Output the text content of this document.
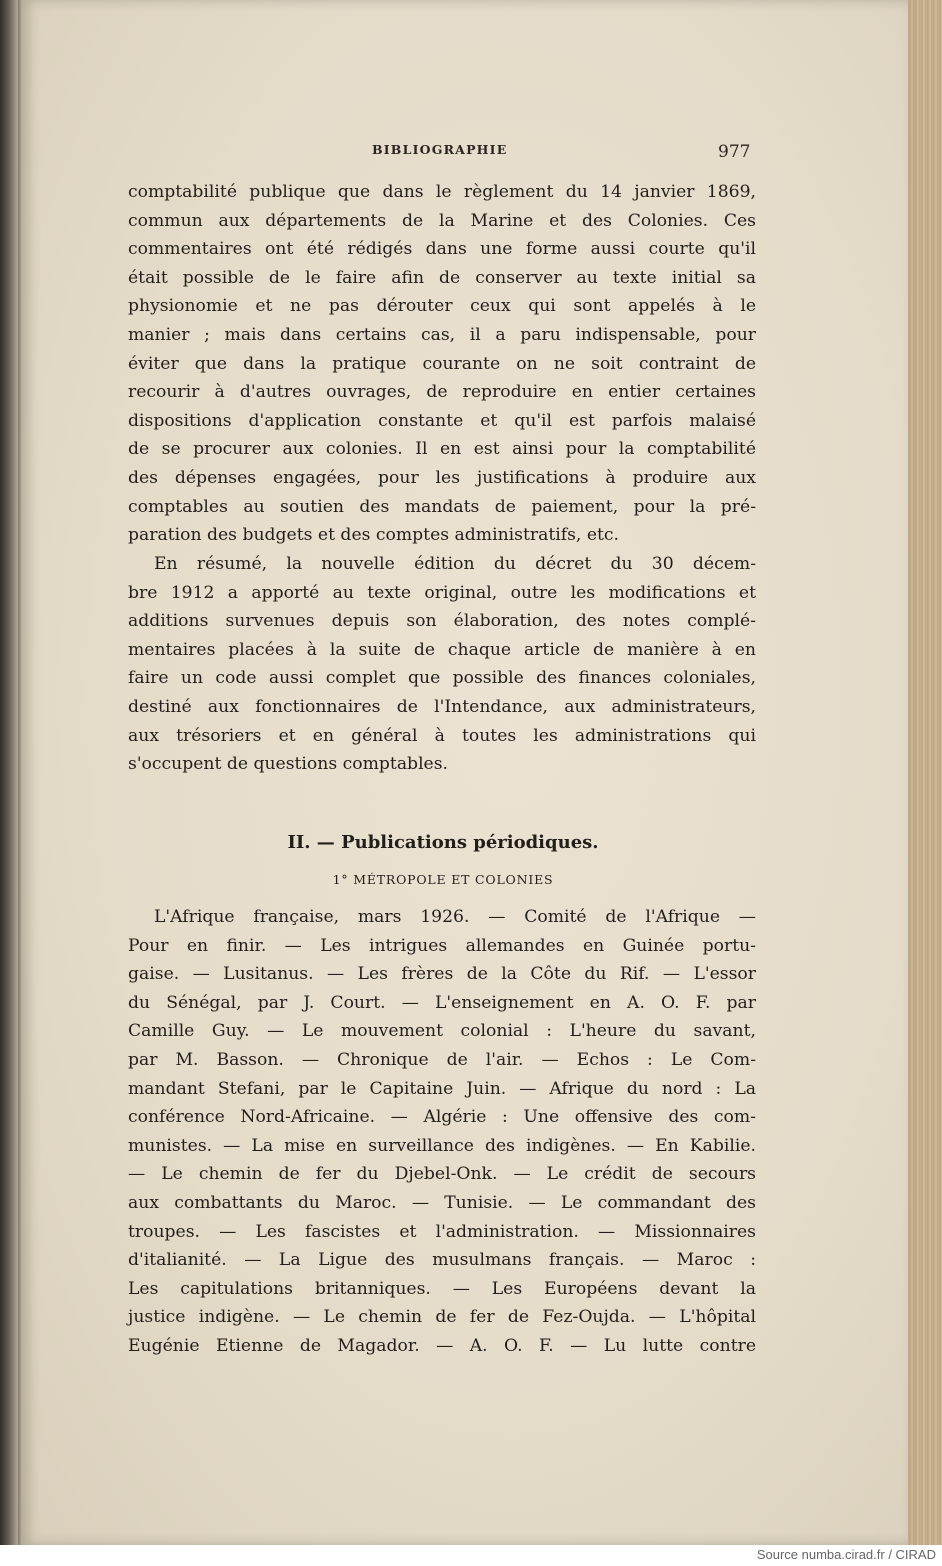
BIBLIOGRAPHIE	977
comptabilité publique que dans le règlement du 14 janvier 1869,
commun aux départements de la Marine et des Colonies. Ces
commentaires ont été rédigés dans une forme aussi courte qu'il
était possible de le faire afin de conserver au texte initial sa
physionomie et ne pas dérouter ceux qui sont appelés à le
manier ; mais dans certains cas, il a paru indispensable, pour
éviter que dans la pratique courante on ne soit contraint de
recourir à d'autres ouvrages, de reproduire en entier certaines
dispositions d'application constante et qu'il est parfois malaisé
de se procurer aux colonies. Il en est ainsi pour la comptabilité
des dépenses engagées, pour les justifications à produire aux
comptables au soutien des mandats de paiement, pour la pré-
paration des budgets et des comptes administratifs, etc.
En résumé, la nouvelle édition du décret du 30 décem-
bre 1912 a apporté au texte original, outre les modifications et
additions survenues depuis son élaboration, des notes complé-
mentaires placées à la suite de chaque article de manière à en
faire un code aussi complet que possible des finances coloniales,
destiné aux fonctionnaires de l'Intendance, aux administrateurs,
aux trésoriers et en général à toutes les administrations qui
s'occupent de questions comptables.
II. — Publications périodiques.
1° MÉTROPOLE ET COLONIES
L'Afrique française, mars 1926. — Comité de l'Afrique —
Pour en finir. — Les intrigues allemandes en Guinée portu-
gaise. — Lusitanus. — Les frères de la Côte du Rif. — L'essor
du Sénégal, par J. Court. — L'enseignement en A. O. F. par
Camille Guy. — Le mouvement colonial : L'heure du savant,
par M. Basson. — Chronique de l'air. — Echos : Le Com-
mandant Stefani, par le Capitaine Juin. — Afrique du nord : La
conférence Nord-Africaine. — Algérie : Une offensive des com-
munistes. — La mise en surveillance des indigènes. — En Kabilie.
— Le chemin de fer du Djebel-Onk. — Le crédit de secours
aux combattants du Maroc. — Tunisie. — Le commandant des
troupes. — Les fascistes et l'administration. — Missionnaires
d'italianité. — La Ligue des musulmans français. — Maroc :
Les capitulations britanniques. — Les Européens devant la
justice indigène. — Le chemin de fer de Fez-Oujda. — L'hôpital
Eugénie Etienne de Magador. — A. O. F. — Lu lutte contre
Source numba.cirad.fr / CIRAD
